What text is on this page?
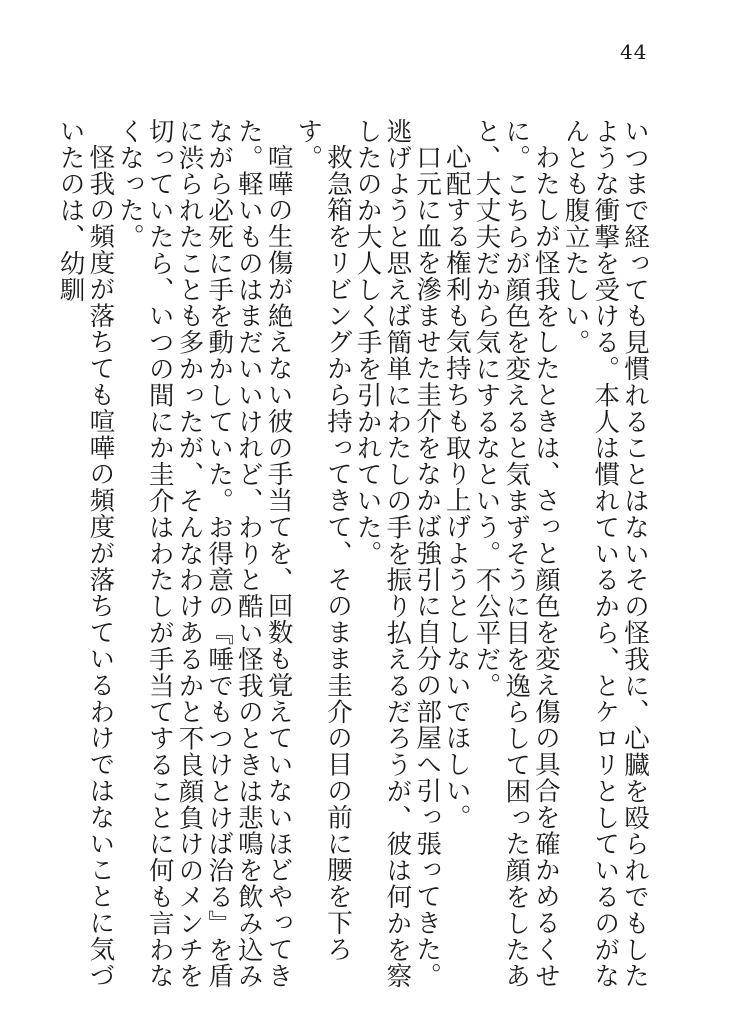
44

いつまで経っても見慣れることはないその怪我に、心臓を殴られでもしたような衝撃を受ける。本人は慣れているから、とケロリとしているのがなんとも腹立たしい。

わたしが怪我をしたときは、さっと顔色を変え傷の具合を確かめるくせに。こちらが顔色を変えると気まずそうに目を逸らして困った顔をしたあと、大丈夫だから気にするなという。不公平だ。

心配する権利も気持ちも取り上げようとしないでほしい。

口元に血を滲ませた圭介をなかば強引に自分の部屋へ引っ張ってきた。逃げようと思えば簡単にわたしの手を振り払えるだろうが、彼は何かを察したのか大人しく手を引かれていた。

救急箱をリビングから持ってきて、そのまま圭介の目の前に腰を下ろす。

喧嘩の生傷が絶えない彼の手当てを、回数も覚えていないほどやってきた。軽いものはまだいいけれど、わりと酷い怪我のときは悲鳴を飲み込みながら必死に手を動かしていた。お得意の『唾でもつけとけば治る』を盾に渋られたことも多かったが、そんなわけあるかと不良顔負けのメンチを切っていたら、いつの間にか圭介はわたしが手当てすることに何も言わなくなった。

怪我の頻度が落ちても喧嘩の頻度が落ちているわけではないことに気づいたのは、幼馴
